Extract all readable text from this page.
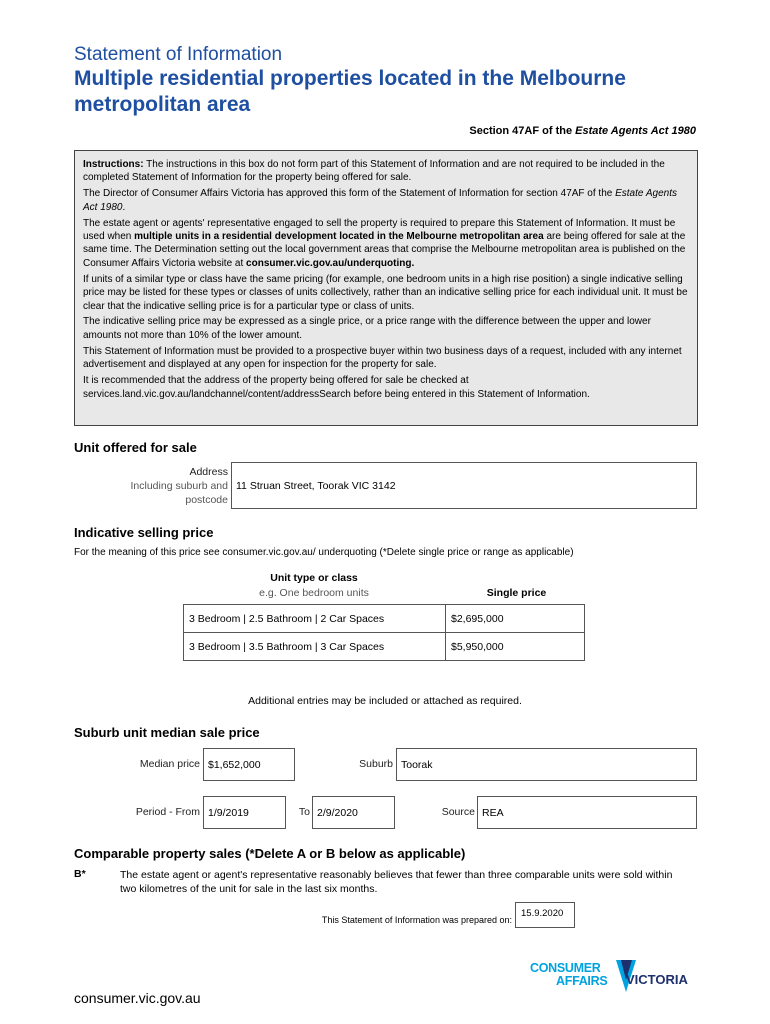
Statement of Information
Multiple residential properties located in the Melbourne metropolitan area
Section 47AF of the Estate Agents Act 1980

Instructions: The instructions in this box do not form part of this Statement of Information and are not required to be included in the completed Statement of Information for the property being offered for sale.

The Director of Consumer Affairs Victoria has approved this form of the Statement of Information for section 47AF of the Estate Agents Act 1980.

The estate agent or agents' representative engaged to sell the property is required to prepare this Statement of Information. It must be used when multiple units in a residential development located in the Melbourne metropolitan area are being offered for sale at the same time. The Determination setting out the local government areas that comprise the Melbourne metropolitan area is published on the Consumer Affairs Victoria website at consumer.vic.gov.au/underquoting.

If units of a similar type or class have the same pricing (for example, one bedroom units in a high rise position) a single indicative selling price may be listed for these types or classes of units collectively, rather than an indicative selling price for each individual unit. It must be clear that the indicative selling price is for a particular type or class of units.

The indicative selling price may be expressed as a single price, or a price range with the difference between the upper and lower amounts not more than 10% of the lower amount.

This Statement of Information must be provided to a prospective buyer within two business days of a request, included with any internet advertisement and displayed at any open for inspection for the property for sale.

It is recommended that the address of the property being offered for sale be checked at services.land.vic.gov.au/landchannel/content/addressSearch before being entered in this Statement of Information.

Unit offered for sale
Address
Including suburb and
postcode
11 Struan Street, Toorak VIC 3142
Indicative selling price
For the meaning of this price see consumer.vic.gov.au/ underquoting (*Delete single price or range as applicable)
Unit type or class
e.g. One bedroom units	Single price
3 Bedroom | 2.5 Bathroom | 2 Car Spaces	$2,695,000
3 Bedroom | 3.5 Bathroom | 3 Car Spaces	$5,950,000
Additional entries may be included or attached as required.
Suburb unit median sale price
Median price $1,652,000	Suburb Toorak
Period - From 1/9/2019	To 2/9/2020	Source REA
Comparable property sales (*Delete A or B below as applicable)
B*	The estate agent or agent's representative reasonably believes that fewer than three comparable units were sold within two kilometres of the unit for sale in the last six months.
This Statement of Information was prepared on:
15.9.2020
CONSUMER
AFFAIRS VICTORIA
consumer.vic.gov.au
